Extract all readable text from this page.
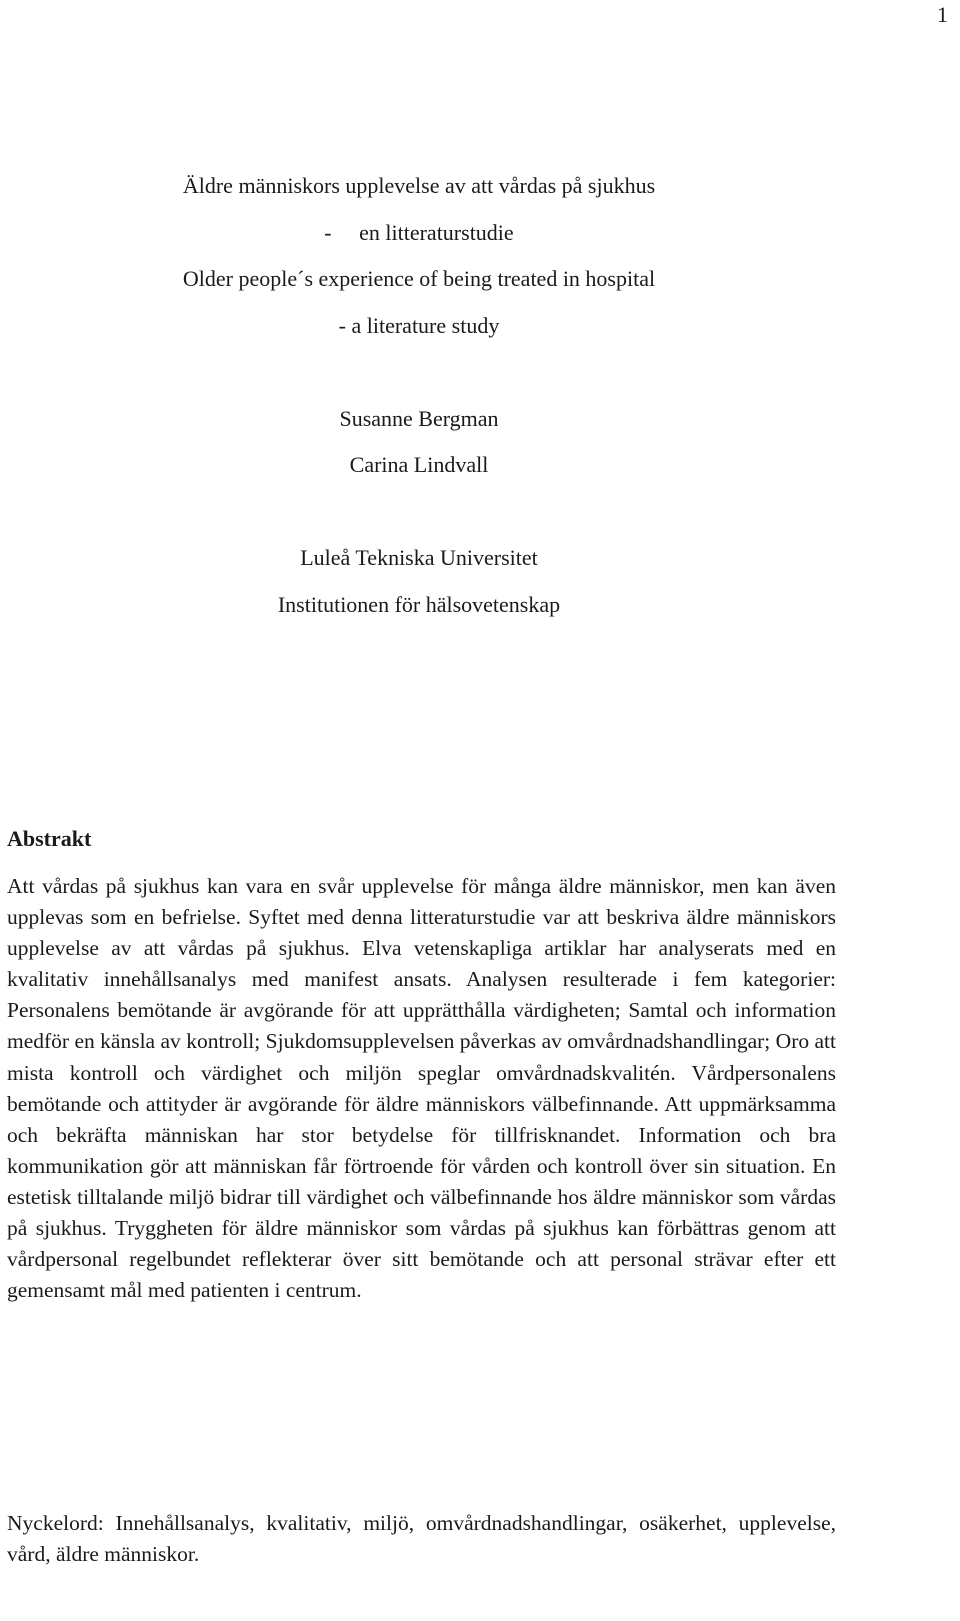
1
Äldre människors upplevelse av att vårdas på sjukhus
-     en litteraturstudie
Older people´s experience of being treated in hospital
- a literature study
Susanne Bergman
Carina Lindvall
Luleå Tekniska Universitet
Institutionen för hälsovetenskap
Abstrakt

Att vårdas på sjukhus kan vara en svår upplevelse för många äldre människor, men kan även upplevas som en befrielse. Syftet med denna litteraturstudie var att beskriva äldre människors upplevelse av att vårdas på sjukhus. Elva vetenskapliga artiklar har analyserats med en kvalitativ innehållsanalys med manifest ansats. Analysen resulterade i fem kategorier: Personalens bemötande är avgörande för att upprätthålla värdigheten; Samtal och information medför en känsla av kontroll; Sjukdomsupplevelsen påverkas av omvårdnadshandlingar; Oro att mista kontroll och värdighet och miljön speglar omvårdnadskvalitén. Vårdpersonalens bemötande och attityder är avgörande för äldre människors välbefinnande. Att uppmärksamma och bekräfta människan har stor betydelse för tillfrisknandet. Information och bra kommunikation gör att människan får förtroende för vården och kontroll över sin situation. En estetisk tilltalande miljö bidrar till värdighet och välbefinnande hos äldre människor som vårdas på sjukhus. Tryggheten för äldre människor som vårdas på sjukhus kan förbättras genom att vårdpersonal regelbundet reflekterar över sitt bemötande och att personal strävar efter ett gemensamt mål med patienten i centrum.

Nyckelord: Innehållsanalys, kvalitativ, miljö, omvårdnadshandlingar, osäkerhet, upplevelse, vård, äldre människor.
